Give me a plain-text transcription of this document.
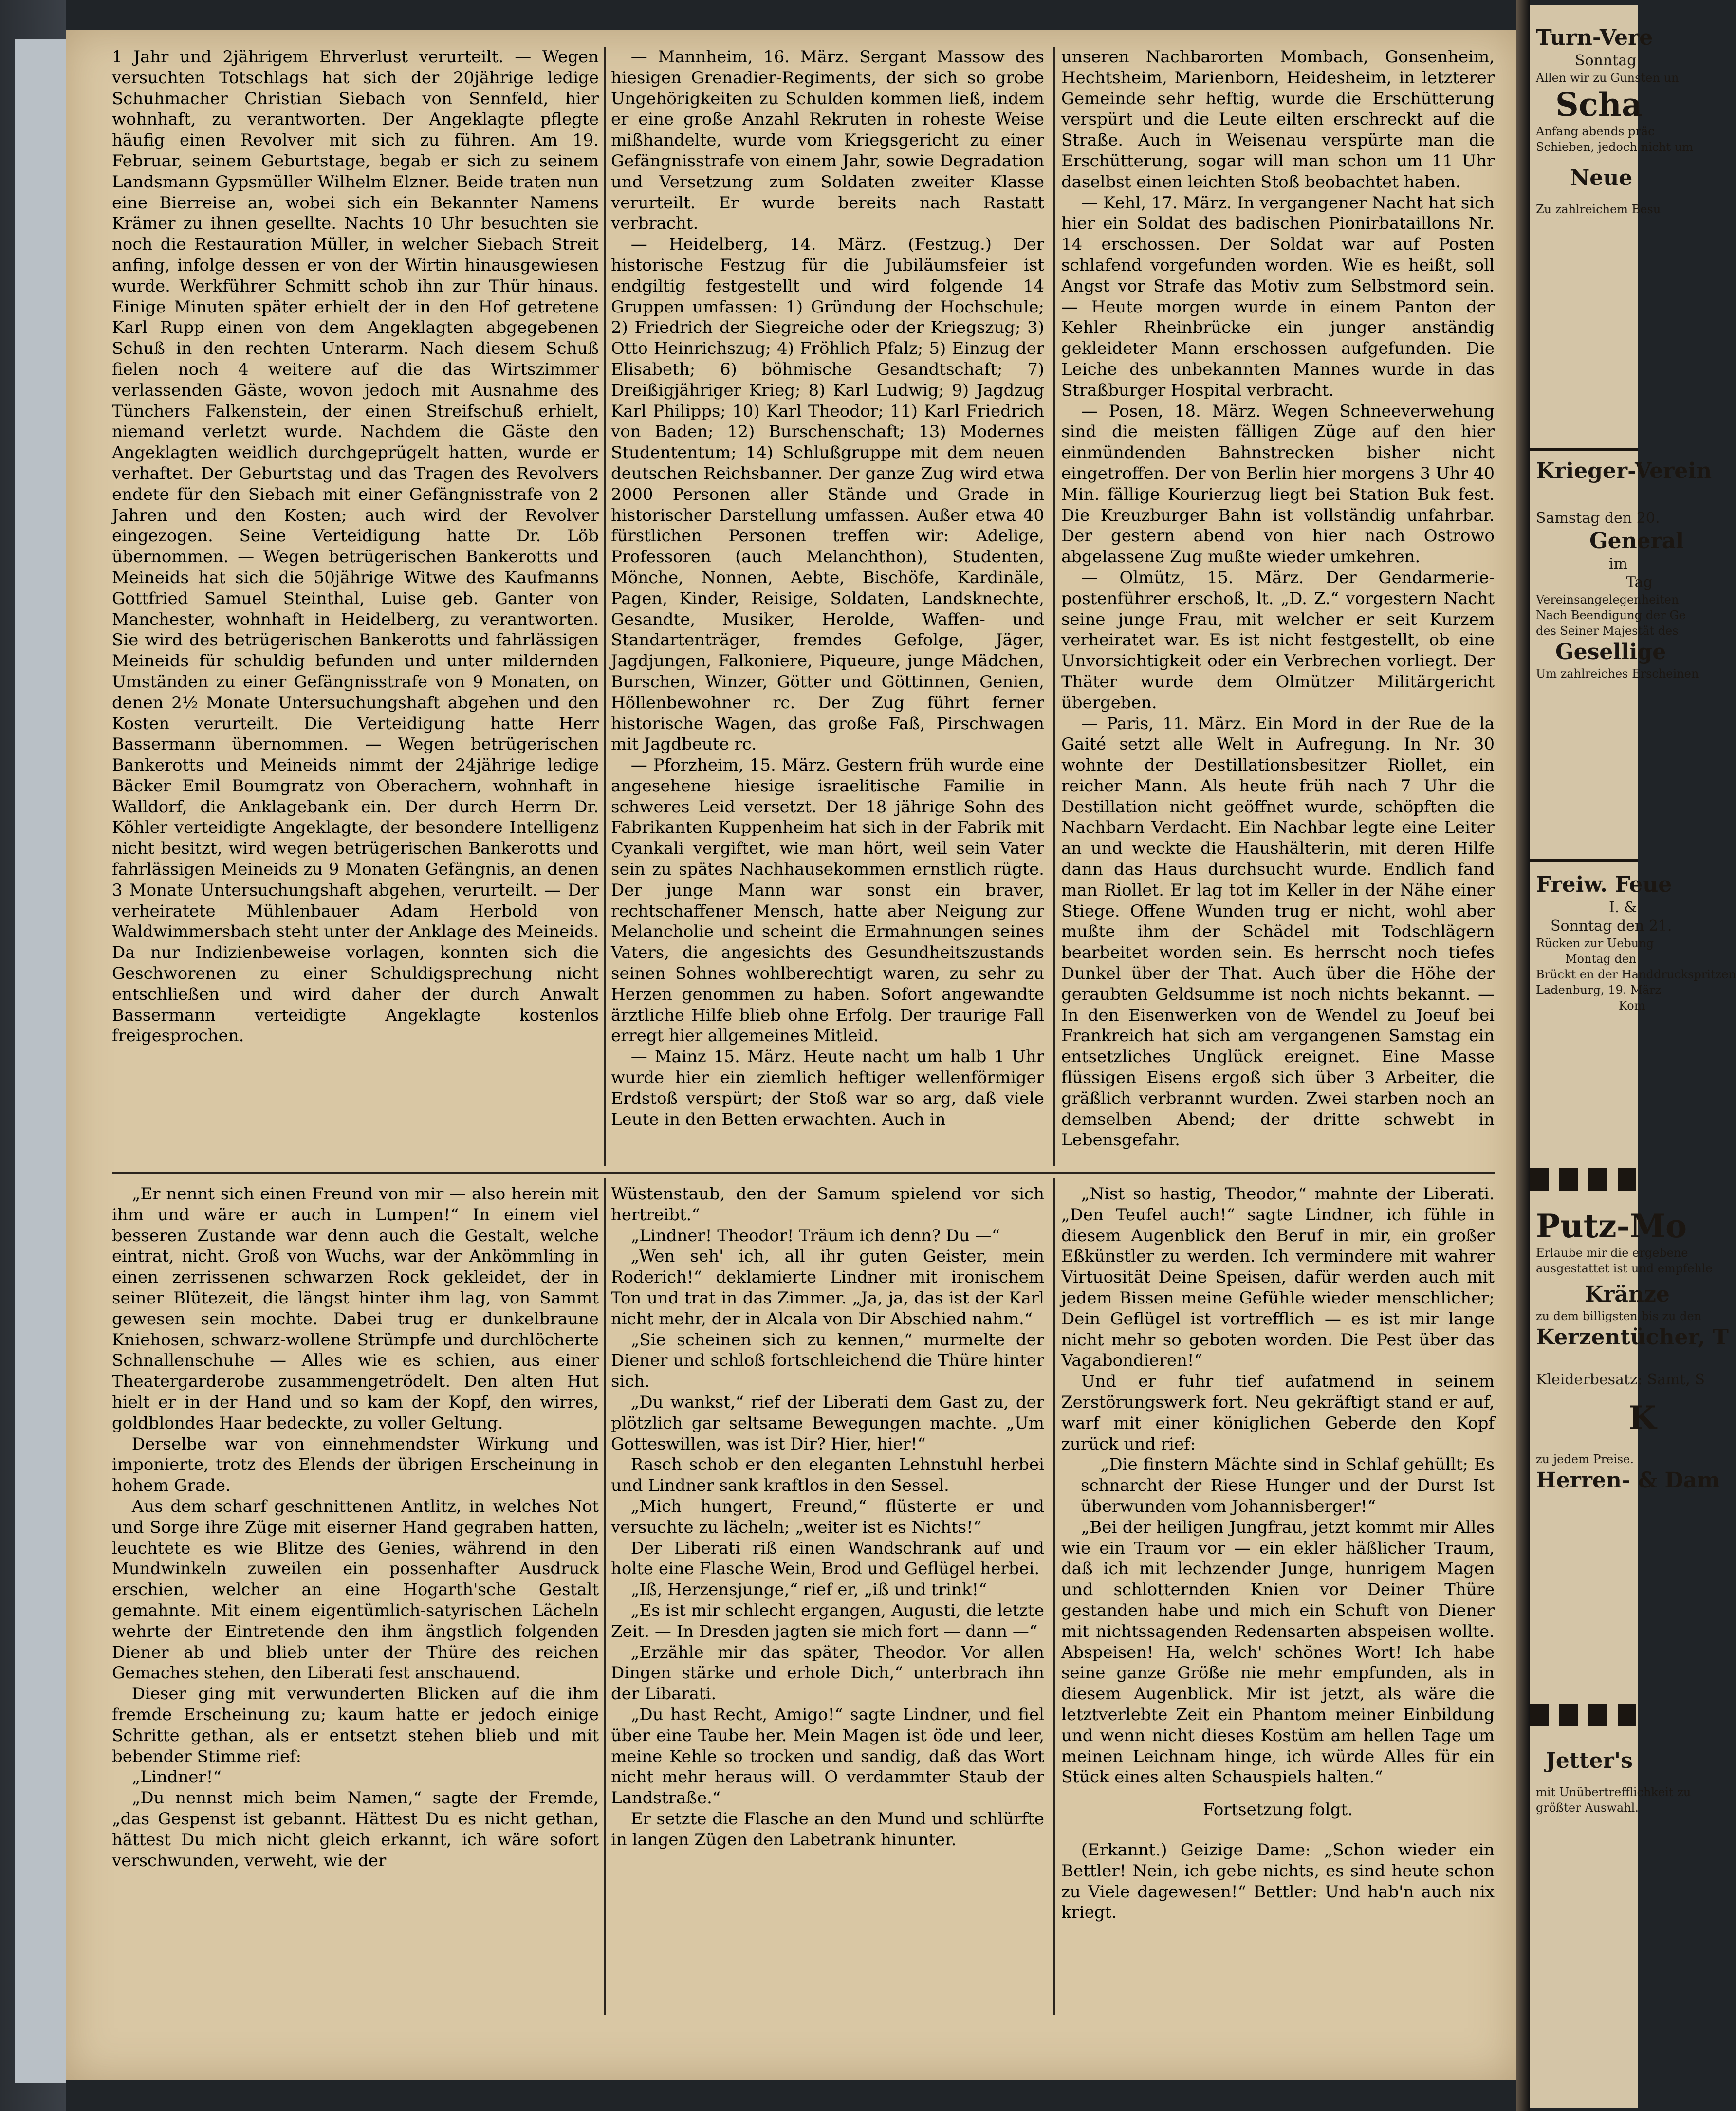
1 Jahr und 2jährigem Ehrverlust verurteilt. — Wegen versuchten Totschlags hat sich der 20jährige ledige Schuhmacher Christian Siebach von Sennfeld, hier wohnhaft, zu verantworten. Der Angeklagte pflegte häufig einen Revolver mit sich zu führen. Am 19. Februar, seinem Geburtstage, begab er sich zu seinem Landsmann Gypsmüller Wilhelm Elzner. Beide traten nun eine Bierreise an, wobei sich ein Bekannter Namens Krämer zu ihnen gesellte. Nachts 10 Uhr besuchten sie noch die Restauration Müller, in welcher Siebach Streit anfing, infolge dessen er von der Wirtin hinausgewiesen wurde. Werkführer Schmitt schob ihn zur Thür hinaus. Einige Minuten später erhielt der in den Hof getretene Karl Rupp einen von dem Angeklagten abgegebenen Schuß in den rechten Unterarm. Nach diesem Schuß fielen noch 4 weitere auf die das Wirtszimmer verlassenden Gäste, wovon jedoch mit Ausnahme des Tünchers Falkenstein, der einen Streifschuß erhielt, niemand verletzt wurde. Nachdem die Gäste den Angeklagten weidlich durchgeprügelt hatten, wurde er verhaftet. Der Geburtstag und das Tragen des Revolvers endete für den Siebach mit einer Gefängnisstrafe von 2 Jahren und den Kosten; auch wird der Revolver eingezogen. Seine Verteidigung hatte Dr. Löb übernommen. — Wegen betrügerischen Bankerotts und Meineids hat sich die 50jährige Witwe des Kaufmanns Gottfried Samuel Steinthal, Luise geb. Ganter von Manchester, wohnhaft in Heidelberg, zu verantworten. Sie wird des betrügerischen Bankerotts und fahrlässigen Meineids für schuldig befunden und unter mildernden Umständen zu einer Gefängnisstrafe von 9 Monaten, on denen 2½ Monate Untersuchungshaft abgehen und den Kosten verurteilt. Die Verteidigung hatte Herr Bassermann übernommen. — Wegen betrügerischen Bankerotts und Meineids nimmt der 24jährige ledige Bäcker Emil Boumgratz von Oberachern, wohnhaft in Walldorf, die Anklagebank ein. Der durch Herrn Dr. Köhler verteidigte Angeklagte, der besondere Intelligenz nicht besitzt, wird wegen betrügerischen Bankerotts und fahrlässigen Meineids zu 9 Monaten Gefängnis, an denen 3 Monate Untersuchungshaft abgehen, verurteilt. — Der verheiratete Mühlenbauer Adam Herbold von Waldwimmersbach steht unter der Anklage des Meineids. Da nur Indizienbeweise vorlagen, konnten sich die Geschworenen zu einer Schuldigsprechung nicht entschließen und wird daher der durch Anwalt Bassermann verteidigte Angeklagte kostenlos freigesprochen.

— Mannheim, 16. März. Sergant Massow des hiesigen Grenadier-Regiments, der sich so grobe Ungehörigkeiten zu Schulden kommen ließ, indem er eine große Anzahl Rekruten in roheste Weise mißhandelte, wurde vom Kriegsgericht zu einer Gefängnisstrafe von einem Jahr, sowie Degradation und Versetzung zum Soldaten zweiter Klasse verurteilt. Er wurde bereits nach Rastatt verbracht.

— Heidelberg, 14. März. (Festzug.) Der historische Festzug für die Jubiläumsfeier ist endgiltig festgestellt und wird folgende 14 Gruppen umfassen: 1) Gründung der Hochschule; 2) Friedrich der Siegreiche oder der Kriegszug; 3) Otto Heinrichszug; 4) Fröhlich Pfalz; 5) Einzug der Elisabeth; 6) böhmische Gesandtschaft; 7) Dreißigjähriger Krieg; 8) Karl Ludwig; 9) Jagdzug Karl Philipps; 10) Karl Theodor; 11) Karl Friedrich von Baden; 12) Burschenschaft; 13) Modernes Studententum; 14) Schlußgruppe mit dem neuen deutschen Reichsbanner. Der ganze Zug wird etwa 2000 Personen aller Stände und Grade in historischer Darstellung umfassen. Außer etwa 40 fürstlichen Personen treffen wir: Adelige, Professoren (auch Melanchthon), Studenten, Mönche, Nonnen, Aebte, Bischöfe, Kardinäle, Pagen, Kinder, Reisige, Soldaten, Landsknechte, Gesandte, Musiker, Herolde, Waffen- und Standartenträger, fremdes Gefolge, Jäger, Jagdjungen, Falkoniere, Piqueure, junge Mädchen, Burschen, Winzer, Götter und Göttinnen, Genien, Höllenbewohner rc. Der Zug führt ferner historische Wagen, das große Faß, Pirschwagen mit Jagdbeute rc.

— Pforzheim, 15. März. Gestern früh wurde eine angesehene hiesige israelitische Familie in schweres Leid versetzt. Der 18 jährige Sohn des Fabrikanten Kuppenheim hat sich in der Fabrik mit Cyankali vergiftet, wie man hört, weil sein Vater sein zu spätes Nachhausekommen ernstlich rügte. Der junge Mann war sonst ein braver, rechtschaffener Mensch, hatte aber Neigung zur Melancholie und scheint die Ermahnungen seines Vaters, die angesichts des Gesundheitszustands seinen Sohnes wohlberechtigt waren, zu sehr zu Herzen genommen zu haben. Sofort angewandte ärztliche Hilfe blieb ohne Erfolg. Der traurige Fall erregt hier allgemeines Mitleid.

— Mainz 15. März. Heute nacht um halb 1 Uhr wurde hier ein ziemlich heftiger wellenförmiger Erdstoß verspürt; der Stoß war so arg, daß viele Leute in den Betten erwachten. Auch in

unseren Nachbarorten Mombach, Gonsenheim, Hechtsheim, Marienborn, Heidesheim, in letzterer Gemeinde sehr heftig, wurde die Erschütterung verspürt und die Leute eilten erschreckt auf die Straße. Auch in Weisenau verspürte man die Erschütterung, sogar will man schon um 11 Uhr daselbst einen leichten Stoß beobachtet haben.

— Kehl, 17. März. In vergangener Nacht hat sich hier ein Soldat des badischen Pionirbataillons Nr. 14 erschossen. Der Soldat war auf Posten schlafend vorgefunden worden. Wie es heißt, soll Angst vor Strafe das Motiv zum Selbstmord sein. — Heute morgen wurde in einem Panton der Kehler Rheinbrücke ein junger anständig gekleideter Mann erschossen aufgefunden. Die Leiche des unbekannten Mannes wurde in das Straßburger Hospital verbracht.

— Posen, 18. März. Wegen Schneeverwehung sind die meisten fälligen Züge auf den hier einmündenden Bahnstrecken bisher nicht eingetroffen. Der von Berlin hier morgens 3 Uhr 40 Min. fällige Kourierzug liegt bei Station Buk fest. Die Kreuzburger Bahn ist vollständig unfahrbar. Der gestern abend von hier nach Ostrowo abgelassene Zug mußte wieder umkehren.

— Olmütz, 15. März. Der Gendarmerie-postenführer erschoß, lt. „D. Z.“ vorgestern Nacht seine junge Frau, mit welcher er seit Kurzem verheiratet war. Es ist nicht festgestellt, ob eine Unvorsichtigkeit oder ein Verbrechen vorliegt. Der Thäter wurde dem Olmützer Militärgericht übergeben.

— Paris, 11. März. Ein Mord in der Rue de la Gaité setzt alle Welt in Aufregung. In Nr. 30 wohnte der Destillationsbesitzer Riollet, ein reicher Mann. Als heute früh nach 7 Uhr die Destillation nicht geöffnet wurde, schöpften die Nachbarn Verdacht. Ein Nachbar legte eine Leiter an und weckte die Haushälterin, mit deren Hilfe dann das Haus durchsucht wurde. Endlich fand man Riollet. Er lag tot im Keller in der Nähe einer Stiege. Offene Wunden trug er nicht, wohl aber mußte ihm der Schädel mit Todschlägern bearbeitet worden sein. Es herrscht noch tiefes Dunkel über der That. Auch über die Höhe der geraubten Geldsumme ist noch nichts bekannt. — In den Eisenwerken von de Wendel zu Joeuf bei Frankreich hat sich am vergangenen Samstag ein entsetzliches Unglück ereignet. Eine Masse flüssigen Eisens ergoß sich über 3 Arbeiter, die gräßlich verbrannt wurden. Zwei starben noch an demselben Abend; der dritte schwebt in Lebensgefahr.

„Er nennt sich einen Freund von mir — also herein mit ihm und wäre er auch in Lumpen!“ In einem viel besseren Zustande war denn auch die Gestalt, welche eintrat, nicht. Groß von Wuchs, war der Ankömmling in einen zerrissenen schwarzen Rock gekleidet, der in seiner Blütezeit, die längst hinter ihm lag, von Sammt gewesen sein mochte. Dabei trug er dunkelbraune Kniehosen, schwarz-wollene Strümpfe und durchlöcherte Schnallenschuhe — Alles wie es schien, aus einer Theatergarderobe zusammengetrödelt. Den alten Hut hielt er in der Hand und so kam der Kopf, den wirres, goldblondes Haar bedeckte, zu voller Geltung.

Derselbe war von einnehmendster Wirkung und imponierte, trotz des Elends der übrigen Erscheinung in hohem Grade.

Aus dem scharf geschnittenen Antlitz, in welches Not und Sorge ihre Züge mit eiserner Hand gegraben hatten, leuchtete es wie Blitze des Genies, während in den Mundwinkeln zuweilen ein possenhafter Ausdruck erschien, welcher an eine Hogarth'sche Gestalt gemahnte. Mit einem eigentümlich-satyrischen Lächeln wehrte der Eintretende den ihm ängstlich folgenden Diener ab und blieb unter der Thüre des reichen Gemaches stehen, den Liberati fest anschauend.

Dieser ging mit verwunderten Blicken auf die ihm fremde Erscheinung zu; kaum hatte er jedoch einige Schritte gethan, als er entsetzt stehen blieb und mit bebender Stimme rief:

„Lindner!“

„Du nennst mich beim Namen,“ sagte der Fremde, „das Gespenst ist gebannt. Hättest Du es nicht gethan, hättest Du mich nicht gleich erkannt, ich wäre sofort verschwunden, verweht, wie der

Wüstenstaub, den der Samum spielend vor sich hertreibt.“

„Lindner! Theodor! Träum ich denn? Du —“

„Wen seh' ich, all ihr guten Geister, mein Roderich!“ deklamierte Lindner mit ironischem Ton und trat in das Zimmer. „Ja, ja, das ist der Karl nicht mehr, der in Alcala von Dir Abschied nahm.“

„Sie scheinen sich zu kennen,“ murmelte der Diener und schloß fortschleichend die Thüre hinter sich.

„Du wankst,“ rief der Liberati dem Gast zu, der plötzlich gar seltsame Bewegungen machte. „Um Gotteswillen, was ist Dir? Hier, hier!“

Rasch schob er den eleganten Lehnstuhl herbei und Lindner sank kraftlos in den Sessel.

„Mich hungert, Freund,“ flüsterte er und versuchte zu lächeln; „weiter ist es Nichts!“

Der Liberati riß einen Wandschrank auf und holte eine Flasche Wein, Brod und Geflügel herbei.

„Iß, Herzensjunge,“ rief er, „iß und trink!“

„Es ist mir schlecht ergangen, Augusti, die letzte Zeit. — In Dresden jagten sie mich fort — dann —“

„Erzähle mir das später, Theodor. Vor allen Dingen stärke und erhole Dich,“ unterbrach ihn der Libarati.

„Du hast Recht, Amigo!“ sagte Lindner, und fiel über eine Taube her. Mein Magen ist öde und leer, meine Kehle so trocken und sandig, daß das Wort nicht mehr heraus will. O verdammter Staub der Landstraße.“

Er setzte die Flasche an den Mund und schlürfte in langen Zügen den Labetrank hinunter.

„Nist so hastig, Theodor,“ mahnte der Liberati. „Den Teufel auch!“ sagte Lindner, ich fühle in diesem Augenblick den Beruf in mir, ein großer Eßkünstler zu werden. Ich vermindere mit wahrer Virtuosität Deine Speisen, dafür werden auch mit jedem Bissen meine Gefühle wieder menschlicher; Dein Geflügel ist vortrefflich — es ist mir lange nicht mehr so geboten worden. Die Pest über das Vagabondieren!“

Und er fuhr tief aufatmend in seinem Zerstörungswerk fort. Neu gekräftigt stand er auf, warf mit einer königlichen Geberde den Kopf zurück und rief:

„Die finstern Mächte sind in Schlaf gehüllt; Es schnarcht der Riese Hunger und der Durst Ist überwunden vom Johannisberger!“

„Bei der heiligen Jungfrau, jetzt kommt mir Alles wie ein Traum vor — ein ekler häßlicher Traum, daß ich mit lechzender Junge, hunrigem Magen und schlotternden Knien vor Deiner Thüre gestanden habe und mich ein Schuft von Diener mit nichtssagenden Redensarten abspeisen wollte. Abspeisen! Ha, welch' schönes Wort! Ich habe seine ganze Größe nie mehr empfunden, als in diesem Augenblick. Mir ist jetzt, als wäre die letztverlebte Zeit ein Phantom meiner Einbildung und wenn nicht dieses Kostüm am hellen Tage um meinen Leichnam hinge, ich würde Alles für ein Stück eines alten Schauspiels halten.“

Fortsetzung folgt.

(Erkannt.) Geizige Dame: „Schon wieder ein Bettler! Nein, ich gebe nichts, es sind heute schon zu Viele dagewesen!“ Bettler: Und hab'n auch nix kriegt.

Turn-Vere
Sonntag
Allen wir zu Gunsten un
Scha
Anfang abends präc
Schieben, jedoch nicht um
Neue
Zu zahlreichem Besu
Krieger-Verein
Samstag den 20.
General
im
Tag
Vereinsangelegenheiten
Nach Beendigung der Ge
des Seiner Majestät des
Gesellige
Um zahlreiches Erscheinen
Freiw. Feue
I. &
Sonntag den 21.
Rücken zur Uebung
Montag den
Brückt en der Handdruckspritzen
Ladenburg, 19. März
Kom
Putz-Mo
Erlaube mir die ergebene
ausgestattet ist und empfehle
Kränze
zu dem billigsten bis zu den
Kerzentücher, T
Kleiderbesatz: Samt, S
K
zu jedem Preise.
Herren- & Dam
Jetter's
mit Unübertrefflichkeit zu
größter Auswahl.
